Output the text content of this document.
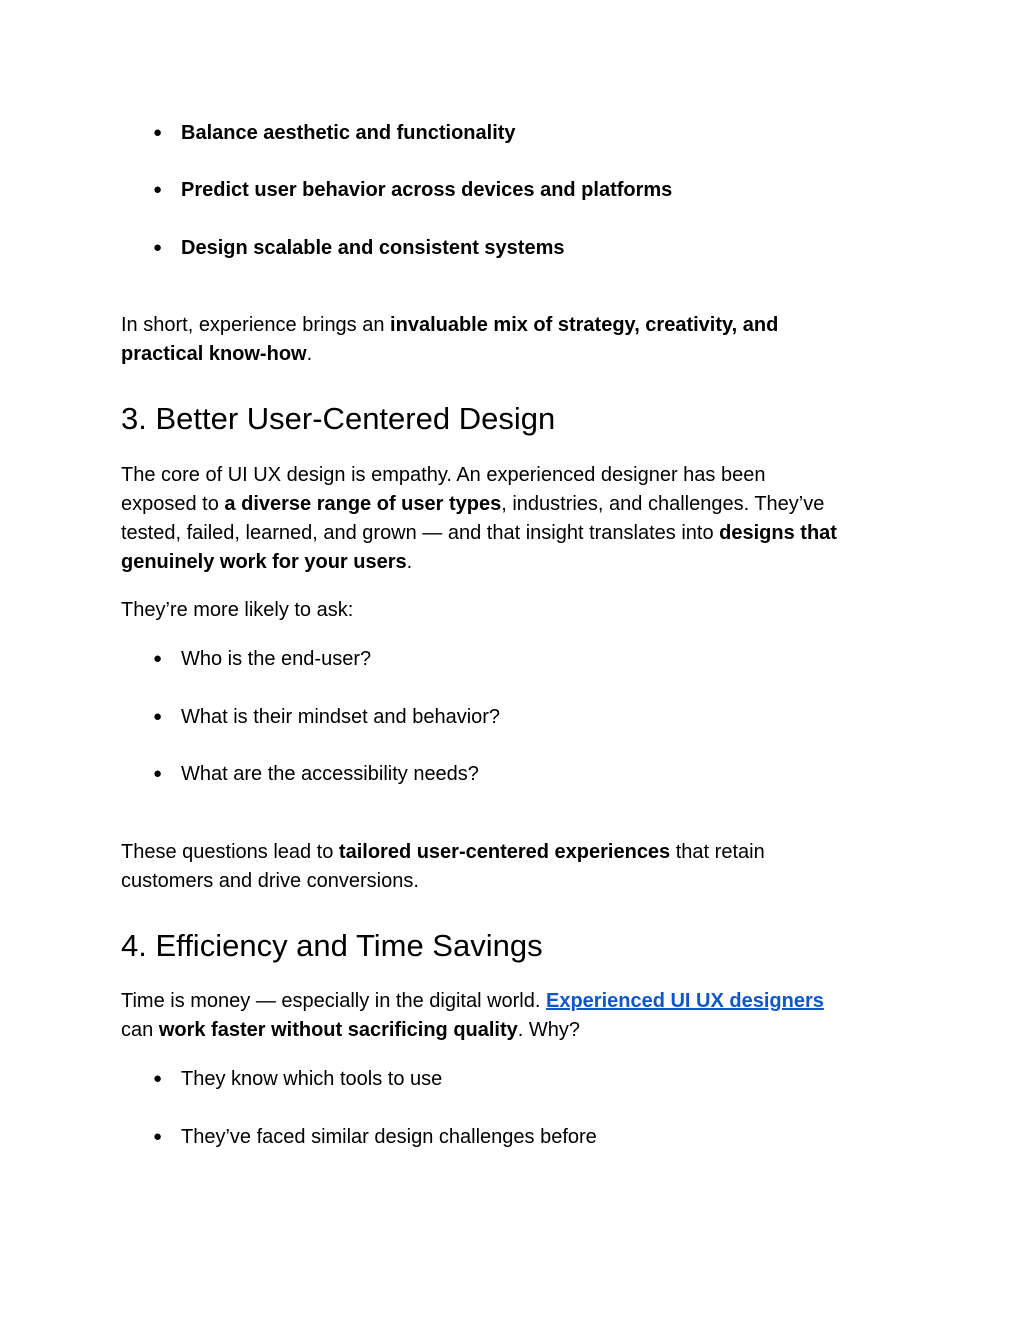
● Balance aesthetic and functionality
● Predict user behavior across devices and platforms
● Design scalable and consistent systems

In short, experience brings an invaluable mix of strategy, creativity, and
practical know-how.

3. Better User-Centered Design

The core of UI UX design is empathy. An experienced designer has been
exposed to a diverse range of user types, industries, and challenges. They’ve
tested, failed, learned, and grown — and that insight translates into designs that
genuinely work for your users.

They’re more likely to ask:

● Who is the end-user?
● What is their mindset and behavior?
● What are the accessibility needs?

These questions lead to tailored user-centered experiences that retain
customers and drive conversions.

4. Efficiency and Time Savings

Time is money — especially in the digital world. Experienced UI UX designers
can work faster without sacrificing quality. Why?

● They know which tools to use
● They’ve faced similar design challenges before
